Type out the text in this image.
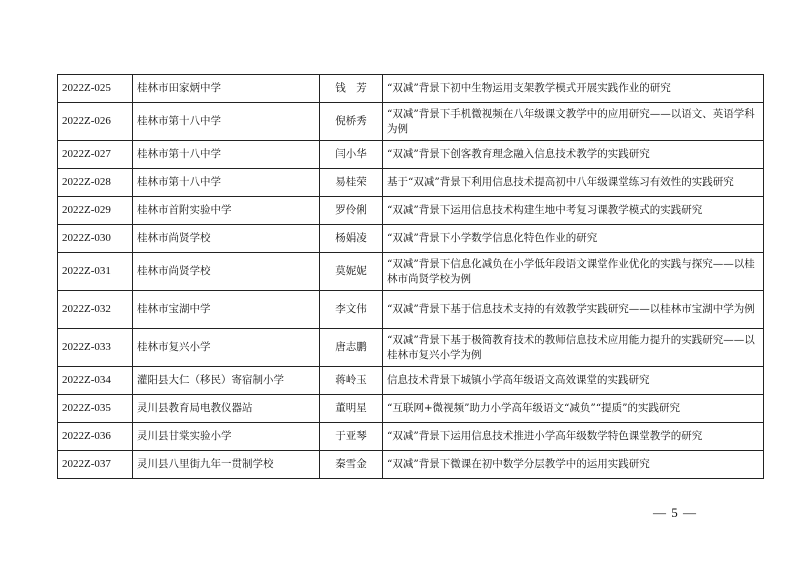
2022Z-025	桂林市田家炳中学	钱　芳	“双减”背景下初中生物运用支架教学模式开展实践作业的研究
2022Z-026	桂林市第十八中学	倪桥秀	“双减”背景下手机微视频在八年级课文教学中的应用研究——以语文、英语学科为例
2022Z-027	桂林市第十八中学	闫小华	“双减”背景下创客教育理念融入信息技术教学的实践研究
2022Z-028	桂林市第十八中学	易桂荣	基于“双减”背景下利用信息技术提高初中八年级课堂练习有效性的实践研究
2022Z-029	桂林市首附实验中学	罗伶俐	“双减”背景下运用信息技术构建生地中考复习课教学模式的实践研究
2022Z-030	桂林市尚贤学校	杨娟凌	“双减”背景下小学数学信息化特色作业的研究
2022Z-031	桂林市尚贤学校	莫妮妮	“双减”背景下信息化减负在小学低年段语文课堂作业优化的实践与探究——以桂林市尚贤学校为例
2022Z-032	桂林市宝湖中学	李文伟	“双减”背景下基于信息技术支持的有效教学实践研究——以桂林市宝湖中学为例
2022Z-033	桂林市复兴小学	唐志鹏	“双减”背景下基于极简教育技术的教师信息技术应用能力提升的实践研究——以桂林市复兴小学为例
2022Z-034	灌阳县大仁（移民）寄宿制小学	蒋岭玉	信息技术背景下城镇小学高年级语文高效课堂的实践研究
2022Z-035	灵川县教育局电教仪器站	董明星	“互联网+微视频”助力小学高年级语文“减负”“提质”的实践研究
2022Z-036	灵川县甘棠实验小学	于亚琴	“双减”背景下运用信息技术推进小学高年级数学特色课堂教学的研究
2022Z-037	灵川县八里街九年一贯制学校	秦雪金	“双减”背景下微课在初中数学分层教学中的运用实践研究
— 5 —
